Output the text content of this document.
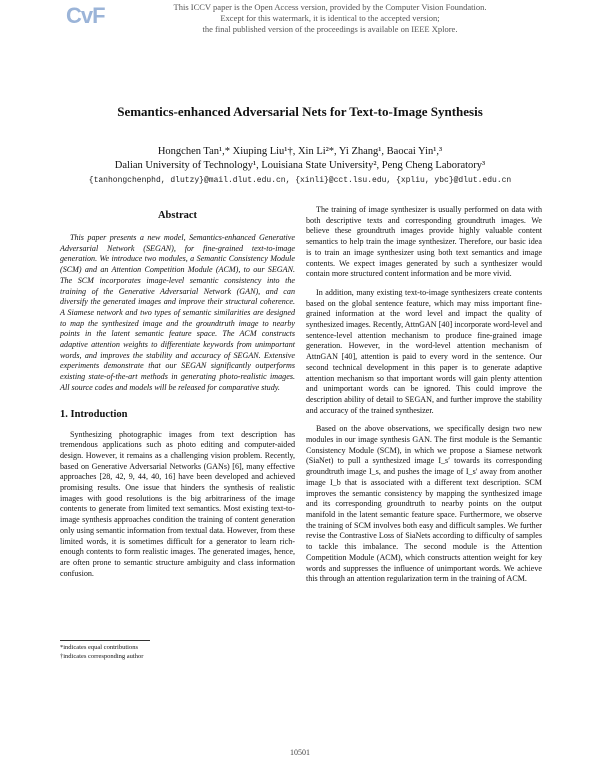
CvF	This ICCV paper is the Open Access version, provided by the Computer Vision Foundation.
Except for this watermark, it is identical to the accepted version;
the final published version of the proceedings is available on IEEE Xplore.
Semantics-enhanced Adversarial Nets for Text-to-Image Synthesis
Hongchen Tan¹,* Xiuping Liu¹†, Xin Li²*, Yi Zhang¹, Baocai Yin¹,³
Dalian University of Technology¹, Louisiana State University², Peng Cheng Laboratory³
{tanhongchenphd, dlutzy}@mail.dlut.edu.cn, {xinli}@cct.lsu.edu, {xpliu, ybc}@dlut.edu.cn
Abstract

This paper presents a new model, Semantics-enhanced Generative Adversarial Network (SEGAN), for fine-grained text-to-image generation. We introduce two modules, a Semantic Consistency Module (SCM) and an Attention Competition Module (ACM), to our SEGAN. The SCM incorporates image-level semantic consistency into the training of the Generative Adversarial Network (GAN), and can diversify the generated images and improve their structural coherence. A Siamese network and two types of semantic similarities are designed to map the synthesized image and the groundtruth image to nearby points in the latent semantic feature space. The ACM constructs adaptive attention weights to differentiate keywords from unimportant words, and improves the stability and accuracy of SEGAN. Extensive experiments demonstrate that our SEGAN significantly outperforms existing state-of-the-art methods in generating photo-realistic images. All source codes and models will be released for comparative study.

1. Introduction

Synthesizing photographic images from text description has tremendous applications such as photo editing and computer-aided design. However, it remains as a challenging vision problem. Recently, based on Generative Adversarial Networks (GANs) [6], many effective approaches [28, 42, 9, 44, 40, 16] have been developed and achieved promising results. One issue that hinders the synthesis of realistic images with good resolutions is the big arbitrariness of the image contents to generate from limited text semantics. Most existing text-to-image synthesis approaches condition the training of content generation only using semantic information from textual data. However, from these limited words, it is sometimes difficult for a generator to learn rich-enough contents to form realistic images. The generated images, hence, are often prone to semantic structure ambiguity and class information confusion.

The training of image synthesizer is usually performed on data with both descriptive texts and corresponding groundtruth images. We believe these groundtruth images provide highly valuable content semantics to help train the image synthesizer. Therefore, our basic idea is to train an image synthesizer using both text semantics and image contents. We expect images generated by such a synthesizer would contain more structured content information and be more vivid.

In addition, many existing text-to-image synthesizers create contents based on the global sentence feature, which may miss important fine-grained information at the word level and impact the quality of synthesized images. Recently, AttnGAN [40] incorporate word-level and sentence-level attention mechanism to produce fine-grained image generation. However, in the word-level attention mechanism of AttnGAN [40], attention is paid to every word in the sentence. Our second technical development in this paper is to generate adaptive attention mechanism so that important words will gain plenty attention and unimportant words can be ignored. This could improve the description ability of detail to SEGAN, and further improve the stability and accuracy of the trained synthesizer.

Based on the above observations, we specifically design two new modules in our image synthesis GAN. The first module is the Semantic Consistency Module (SCM), in which we propose a Siamese network (SiaNet) to pull a synthesized image I_s′ towards its corresponding groundtruth image I_s, and pushes the image of I_s′ away from another image I_b that is associated with a different text description. SCM improves the semantic consistency by mapping the synthesized image and its corresponding groundtruth to nearby points on the output manifold in the latent semantic feature space. Furthermore, we observe the training of SCM involves both easy and difficult samples. We further revise the Contrastive Loss of SiaNets according to difficulty of samples to tackle this imbalance. The second module is the Attention Competition Module (ACM), which constructs attention weight for key words and suppresses the influence of unimportant words. We achieve this through an attention regularization term in the training of ACM.

*indicates equal contributions
†indicates corresponding author
10501
